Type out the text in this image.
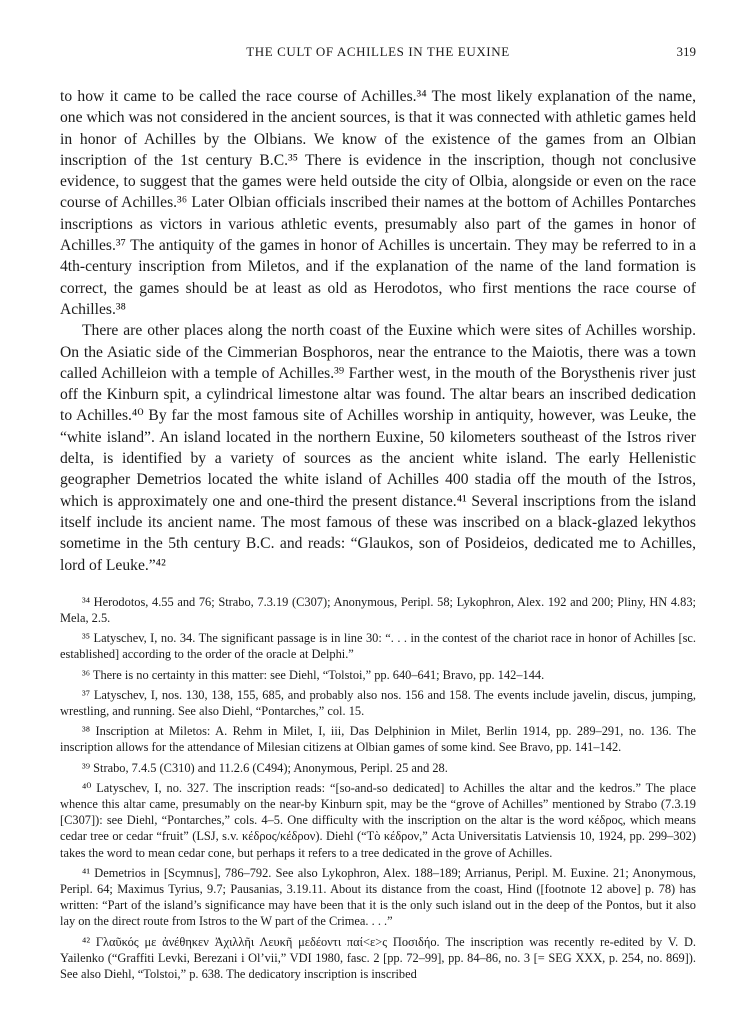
THE CULT OF ACHILLES IN THE EUXINE	319

to how it came to be called the race course of Achilles.³⁴ The most likely explanation of the name, one which was not considered in the ancient sources, is that it was connected with athletic games held in honor of Achilles by the Olbians. We know of the existence of the games from an Olbian inscription of the 1st century B.C.³⁵ There is evidence in the inscription, though not conclusive evidence, to suggest that the games were held outside the city of Olbia, alongside or even on the race course of Achilles.³⁶ Later Olbian officials inscribed their names at the bottom of Achilles Pontarches inscriptions as victors in various athletic events, presumably also part of the games in honor of Achilles.³⁷ The antiquity of the games in honor of Achilles is uncertain. They may be referred to in a 4th-century inscription from Miletos, and if the explanation of the name of the land formation is correct, the games should be at least as old as Herodotos, who first mentions the race course of Achilles.³⁸

There are other places along the north coast of the Euxine which were sites of Achilles worship. On the Asiatic side of the Cimmerian Bosphoros, near the entrance to the Maiotis, there was a town called Achilleion with a temple of Achilles.³⁹ Farther west, in the mouth of the Borysthenis river just off the Kinburn spit, a cylindrical limestone altar was found. The altar bears an inscribed dedication to Achilles.⁴⁰ By far the most famous site of Achilles worship in antiquity, however, was Leuke, the “white island”. An island located in the northern Euxine, 50 kilometers southeast of the Istros river delta, is identified by a variety of sources as the ancient white island. The early Hellenistic geographer Demetrios located the white island of Achilles 400 stadia off the mouth of the Istros, which is approximately one and one-third the present distance.⁴¹ Several inscriptions from the island itself include its ancient name. The most famous of these was inscribed on a black-glazed lekythos sometime in the 5th century B.C. and reads: “Glaukos, son of Posideios, dedicated me to Achilles, lord of Leuke.”⁴²

³⁴ Herodotos, 4.55 and 76; Strabo, 7.3.19 (C307); Anonymous, Peripl. 58; Lykophron, Alex. 192 and 200; Pliny, HN 4.83; Mela, 2.5.

³⁵ Latyschev, I, no. 34. The significant passage is in line 30: “. . . in the contest of the chariot race in honor of Achilles [sc. established] according to the order of the oracle at Delphi.”

³⁶ There is no certainty in this matter: see Diehl, “Tolstoi,” pp. 640–641; Bravo, pp. 142–144.

³⁷ Latyschev, I, nos. 130, 138, 155, 685, and probably also nos. 156 and 158. The events include javelin, discus, jumping, wrestling, and running. See also Diehl, “Pontarches,” col. 15.

³⁸ Inscription at Miletos: A. Rehm in Milet, I, iii, Das Delphinion in Milet, Berlin 1914, pp. 289–291, no. 136. The inscription allows for the attendance of Milesian citizens at Olbian games of some kind. See Bravo, pp. 141–142.

³⁹ Strabo, 7.4.5 (C310) and 11.2.6 (C494); Anonymous, Peripl. 25 and 28.

⁴⁰ Latyschev, I, no. 327. The inscription reads: “[so-and-so dedicated] to Achilles the altar and the kedros.” The place whence this altar came, presumably on the near-by Kinburn spit, may be the “grove of Achilles” mentioned by Strabo (7.3.19 [C307]): see Diehl, “Pontarches,” cols. 4–5. One difficulty with the inscription on the altar is the word κέδρος, which means cedar tree or cedar “fruit” (LSJ, s.v. κέδρος/κέδρον). Diehl (“Τὸ κέδρον,” Acta Universitatis Latviensis 10, 1924, pp. 299–302) takes the word to mean cedar cone, but perhaps it refers to a tree dedicated in the grove of Achilles.

⁴¹ Demetrios in [Scymnus], 786–792. See also Lykophron, Alex. 188–189; Arrianus, Peripl. M. Euxine. 21; Anonymous, Peripl. 64; Maximus Tyrius, 9.7; Pausanias, 3.19.11. About its distance from the coast, Hind ([footnote 12 above] p. 78) has written: “Part of the island’s significance may have been that it is the only such island out in the deep of the Pontos, but it also lay on the direct route from Istros to the W part of the Crimea. . . .”

⁴² Γλαῦκός με ἀνέθηκεν Ἀχιλλῆι Λευκῆ μεδέοντι παί<ε>ς Ποσιδήο. The inscription was recently re-edited by V. D. Yailenko (“Graffiti Levki, Berezani i Ol’vii,” VDI 1980, fasc. 2 [pp. 72–99], pp. 84–86, no. 3 [= SEG XXX, p. 254, no. 869]). See also Diehl, “Tolstoi,” p. 638. The dedicatory inscription is inscribed
